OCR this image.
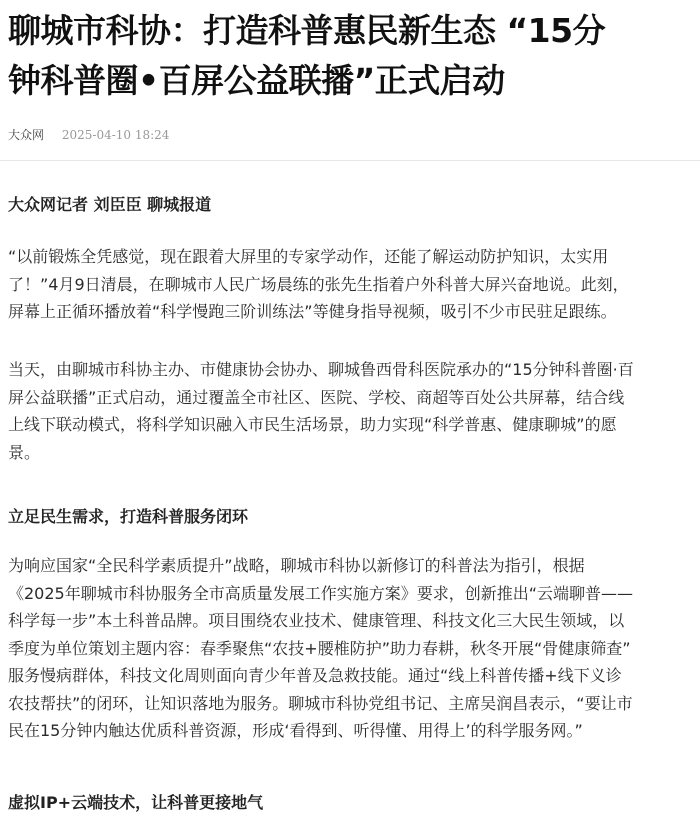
聊城市科协：打造科普惠民新生态 “15分
钟科普圈•百屏公益联播”正式启动
大众网 2025-04-10 18:24

大众网记者 刘臣臣 聊城报道

“以前锻炼全凭感觉，现在跟着大屏里的专家学动作，还能了解运动防护知识，太实用
了！”4月9日清晨，在聊城市人民广场晨练的张先生指着户外科普大屏兴奋地说。此刻，
屏幕上正循环播放着“科学慢跑三阶训练法”等健身指导视频，吸引不少市民驻足跟练。

当天，由聊城市科协主办、市健康协会协办、聊城鲁西骨科医院承办的“15分钟科普圈·百
屏公益联播”正式启动，通过覆盖全市社区、医院、学校、商超等百处公共屏幕，结合线
上线下联动模式，将科学知识融入市民生活场景，助力实现“科学普惠、健康聊城”的愿
景。

立足民生需求，打造科普服务闭环

为响应国家“全民科学素质提升”战略，聊城市科协以新修订的科普法为指引，根据
《2025年聊城市科协服务全市高质量发展工作实施方案》要求，创新推出“云端聊普——
科学每一步”本土科普品牌。项目围绕农业技术、健康管理、科技文化三大民生领域，以
季度为单位策划主题内容：春季聚焦“农技+腰椎防护”助力春耕，秋冬开展“骨健康筛查”
服务慢病群体，科技文化周则面向青少年普及急救技能。通过“线上科普传播+线下义诊
农技帮扶”的闭环，让知识落地为服务。聊城市科协党组书记、主席吴润昌表示，“要让市
民在15分钟内触达优质科普资源，形成‘看得到、听得懂、用得上’的科学服务网。”

虚拟IP+云端技术，让科普更接地气
